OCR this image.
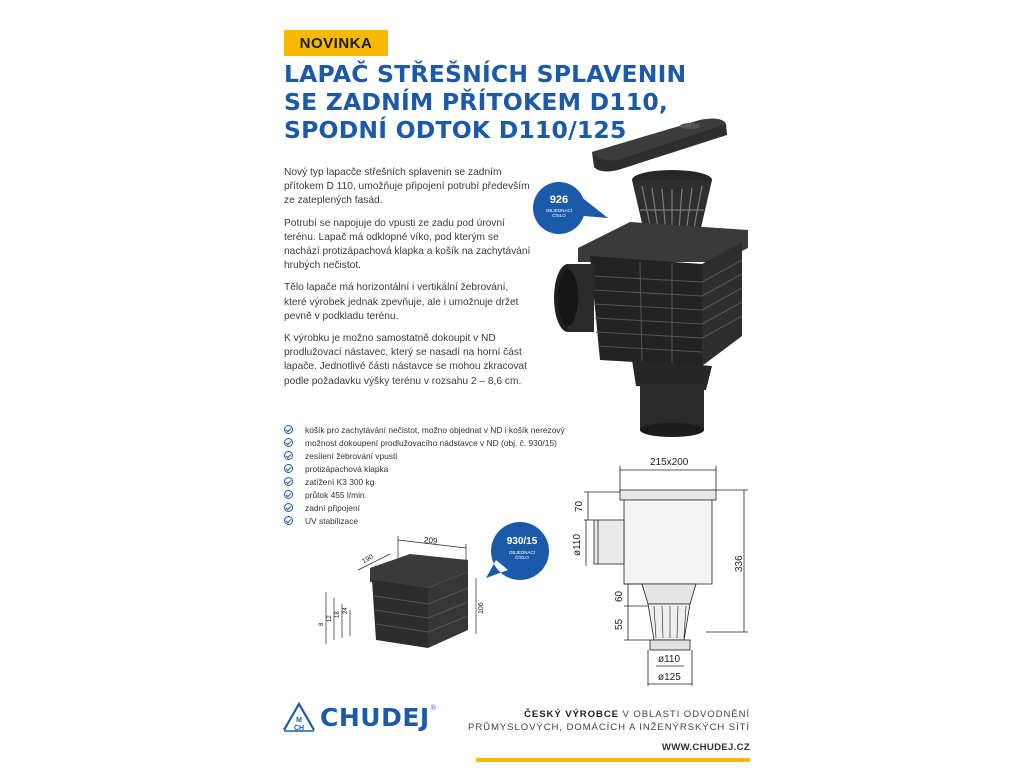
NOVINKA
LAPAČ STŘEŠNÍCH SPLAVENIN
SE ZADNÍM PŘÍTOKEM D110,
SPODNÍ ODTOK D110/125

Nový typ lapacče střešních splavenin se zadním přítokem D 110, umožňuje připojení potrubí především ze zateplených fasád.

Potrubí se napojuje do vpusti ze zadu pod úrovní terénu. Lapač má odklopné víko, pod kterým se nachází protizápachová klapka a košík na zachytávání hrubých nečistot.

Tělo lapače má horizontální i vertikální žebrování, které výrobek jednak zpevňuje, ale i umožnuje držet pevně v podkladu terénu.

K výrobku je možno samostatně dokoupit v ND prodlužovací nástavec, který se nasadí na horní část lapače. Jednotlivé části nástavce se mohou zkracovat podle požadavku výšky terénu v rozsahu 2 – 8,6 cm.

košík pro zachytávání nečistot, možno objednat v ND i košík nerezový
možnost dokoupení prodlužovacího nádstavce v ND (obj. č. 930/15)
zesílení žebrování vpusti
protizápachová klapka
zatížení K3 300 kg
průtok 455 l/min.
zadní připojení
UV stabilizace
926
OBJEDNACÍ
ČÍSLO
930/15
OBJEDNACÍ
ČÍSLO
209
190
106
8
12
18
24
215x200
70
ø110
336
60
55
ø110
ø125
M
CH CHUDEJ ®
ČESKÝ VÝROBCE V OBLASTI ODVODNĚNÍ
PRŮMYSLOVÝCH, DOMÁCÍCH A INŽENÝRSKÝCH SÍTÍ
WWW.CHUDEJ.CZ
